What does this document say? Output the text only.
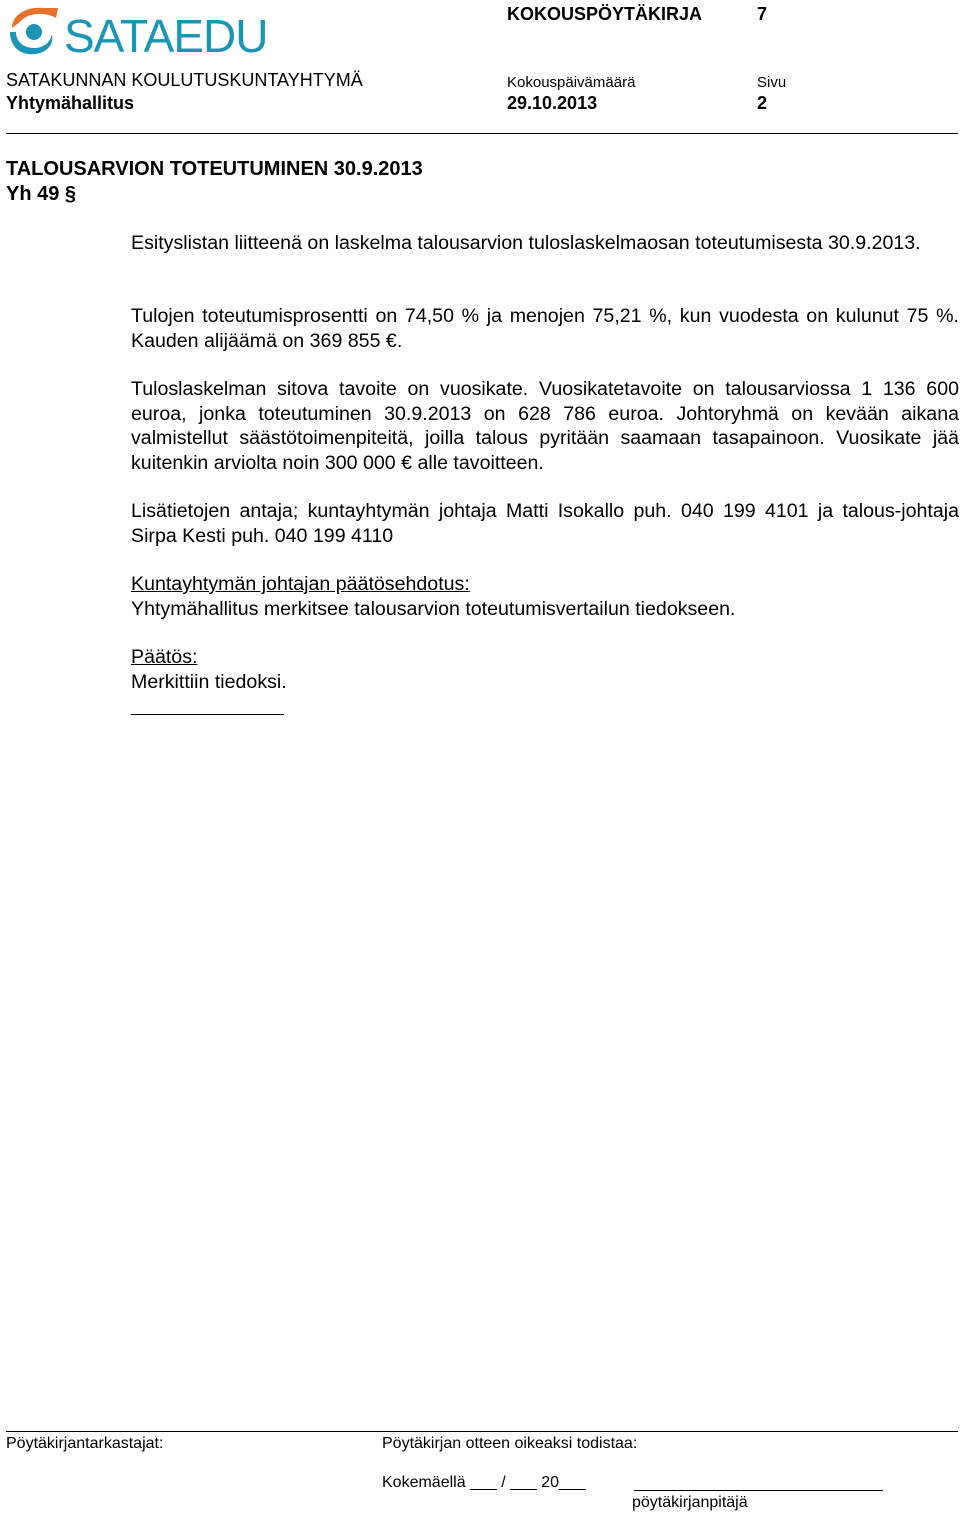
SATAEDU
SATAKUNNAN KOULUTUSKUNTAYHTYMÄ
Yhtymähallitus
KOKOUSPÖYTÄKIRJA	7
Kokouspäivämäärä	Sivu
29.10.2013	2
TALOUSARVION TOTEUTUMINEN 30.9.2013
Yh 49 §
Esityslistan liitteenä on laskelma talousarvion tuloslaskelmaosan toteutumisesta 30.9.2013.
Tulojen toteutumisprosentti on 74,50 % ja menojen 75,21 %, kun vuodesta on kulunut 75 %. Kauden alijäämä on 369 855 €.
Tuloslaskelman sitova tavoite on vuosikate. Vuosikatetavoite on talousarviossa 1 136 600 euroa, jonka toteutuminen 30.9.2013 on 628 786 euroa. Johtoryhmä on kevään aikana valmistellut säästötoimenpiteitä, joilla talous pyritään saamaan tasapainoon. Vuosikate jää kuitenkin arviolta noin 300 000 € alle tavoitteen.
Lisätietojen antaja; kuntayhtymän johtaja Matti Isokallo puh. 040 199 4101 ja talous-johtaja Sirpa Kesti puh. 040 199 4110
Kuntayhtymän johtajan päätösehdotus:
Yhtymähallitus merkitsee talousarvion toteutumisvertailun tiedokseen.
Päätös:
Merkittiin tiedoksi.
Pöytäkirjantarkastajat:	Pöytäkirjan otteen oikeaksi todistaa:
Kokemäellä ___ / ___ 20___
pöytäkirjanpitäjä
